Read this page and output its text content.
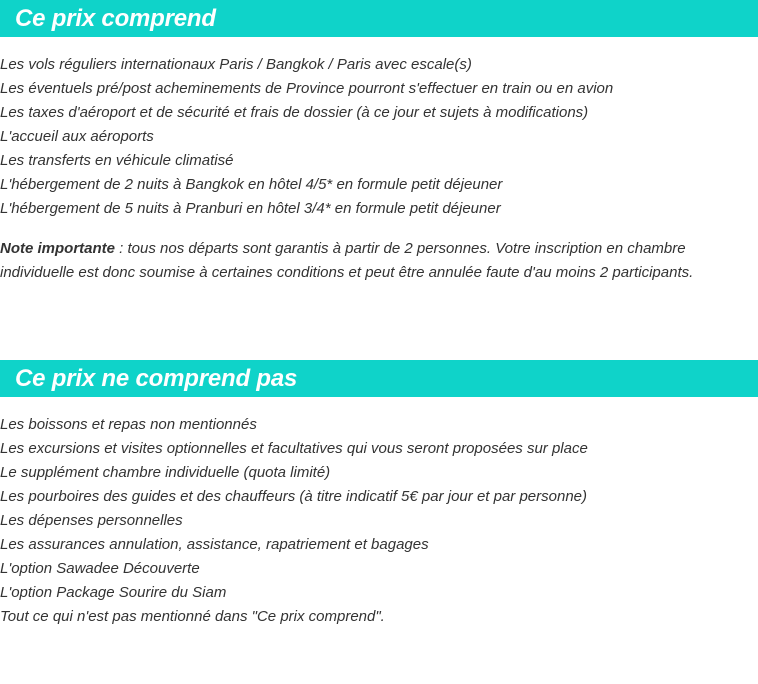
Ce prix comprend
Les vols réguliers internationaux Paris / Bangkok / Paris avec escale(s)
Les éventuels pré/post acheminements de Province pourront s'effectuer en train ou en avion
Les taxes d'aéroport et de sécurité et frais de dossier (à ce jour et sujets à modifications)
L'accueil aux aéroports
Les transferts en véhicule climatisé
L'hébergement de 2 nuits à Bangkok en hôtel 4/5* en formule petit déjeuner
L'hébergement de 5 nuits à Pranburi en hôtel 3/4* en formule petit déjeuner
Note importante : tous nos départs sont garantis à partir de 2 personnes. Votre inscription en chambre individuelle est donc soumise à certaines conditions et peut être annulée faute d'au moins 2 participants.
Ce prix ne comprend pas
Les boissons et repas non mentionnés
Les excursions et visites optionnelles et facultatives qui vous seront proposées sur place
Le supplément chambre individuelle (quota limité)
Les pourboires des guides et des chauffeurs (à titre indicatif 5€ par jour et par personne)
Les dépenses personnelles
Les assurances annulation, assistance, rapatriement et bagages
L'option Sawadee Découverte
L'option Package Sourire du Siam
Tout ce qui n'est pas mentionné dans "Ce prix comprend".
